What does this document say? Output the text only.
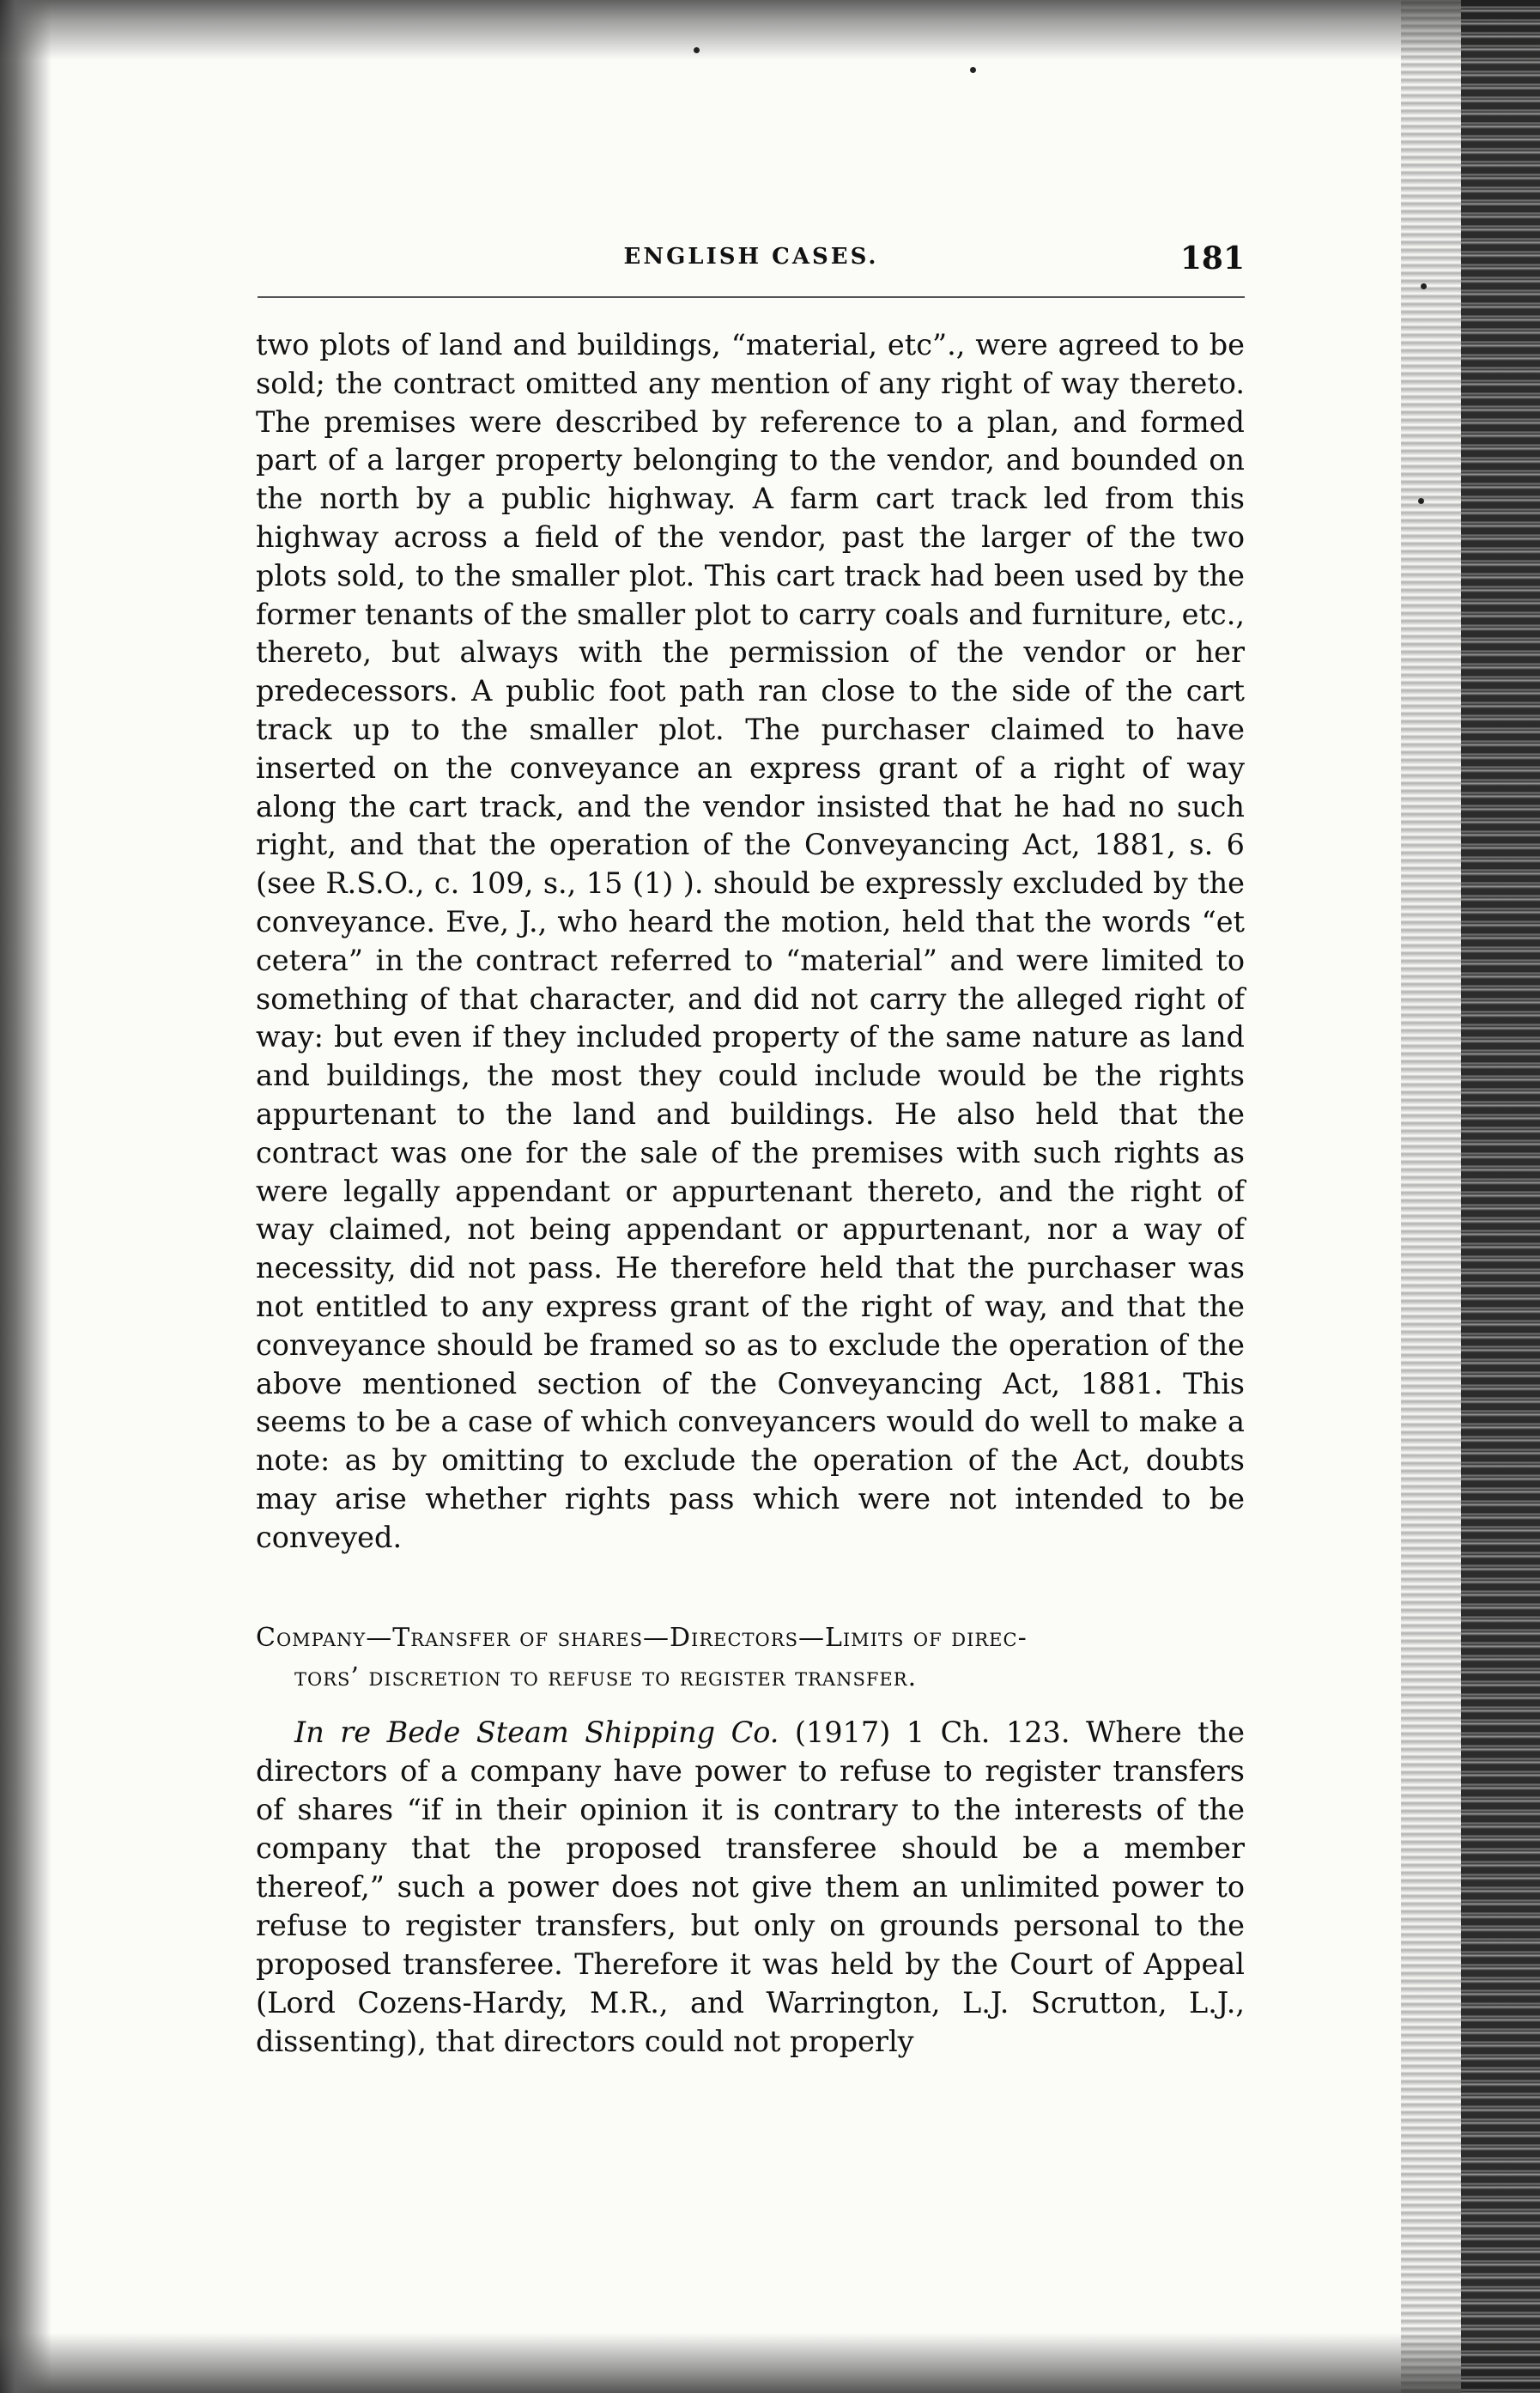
ENGLISH CASES.	181

two plots of land and buildings, “material, etc”., were agreed to be sold; the contract omitted any mention of any right of way thereto. The premises were described by reference to a plan, and formed part of a larger property belonging to the vendor, and bounded on the north by a public highway. A farm cart track led from this highway across a field of the vendor, past the larger of the two plots sold, to the smaller plot. This cart track had been used by the former tenants of the smaller plot to carry coals and furniture, etc., thereto, but always with the permission of the vendor or her predecessors. A public foot path ran close to the side of the cart track up to the smaller plot. The purchaser claimed to have inserted on the conveyance an express grant of a right of way along the cart track, and the vendor insisted that he had no such right, and that the operation of the Conveyancing Act, 1881, s. 6 (see R.S.O., c. 109, s., 15 (1) ). should be expressly excluded by the conveyance. Eve, J., who heard the motion, held that the words “et cetera” in the contract referred to “material” and were limited to something of that character, and did not carry the alleged right of way: but even if they included property of the same nature as land and buildings, the most they could include would be the rights appurtenant to the land and buildings. He also held that the contract was one for the sale of the premises with such rights as were legally appendant or appurtenant thereto, and the right of way claimed, not being appendant or appurtenant, nor a way of necessity, did not pass. He therefore held that the purchaser was not entitled to any express grant of the right of way, and that the conveyance should be framed so as to exclude the operation of the above mentioned section of the Conveyancing Act, 1881. This seems to be a case of which conveyancers would do well to make a note: as by omitting to exclude the operation of the Act, doubts may arise whether rights pass which were not intended to be conveyed.

Company—Transfer of shares—Directors—Limits of direc-
tors’ discretion to refuse to register transfer.
In re Bede Steam Shipping Co. (1917) 1 Ch. 123. Where the directors of a company have power to refuse to register transfers of shares “if in their opinion it is contrary to the interests of the company that the proposed transferee should be a member thereof,” such a power does not give them an unlimited power to refuse to register transfers, but only on grounds personal to the proposed transferee. Therefore it was held by the Court of Appeal (Lord Cozens-Hardy, M.R., and Warrington, L.J. Scrutton, L.J., dissenting), that directors could not properly
